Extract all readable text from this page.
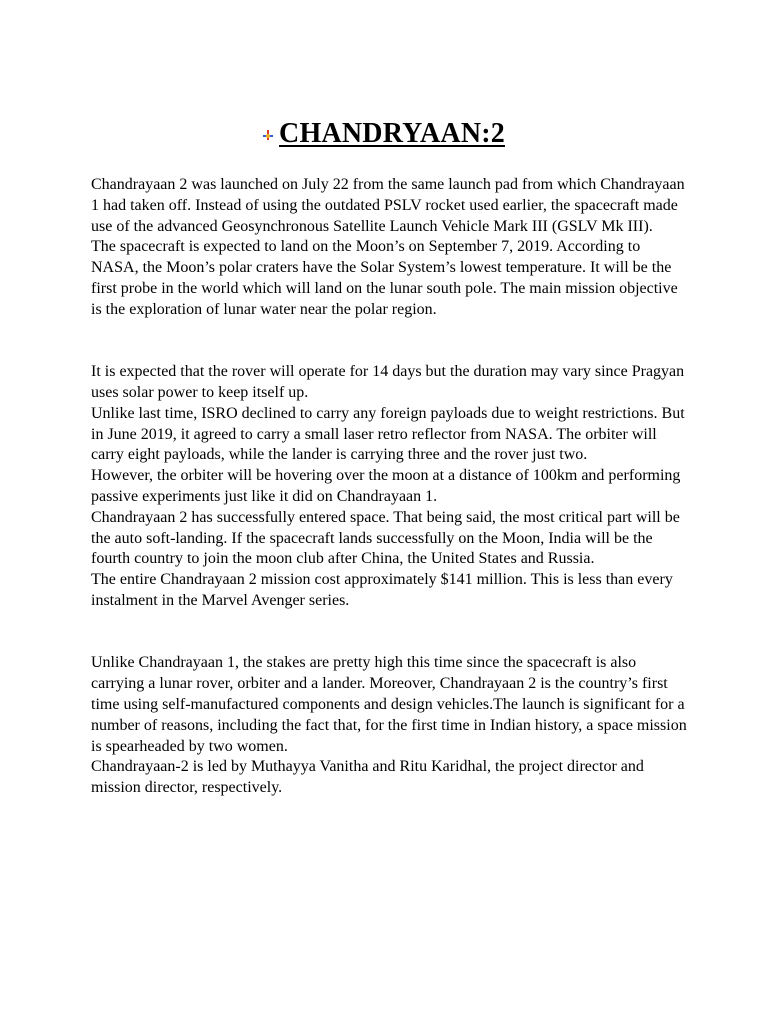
CHANDRYAAN:2

Chandrayaan 2 was launched on July 22 from the same launch pad from which Chandrayaan 1 had taken off. Instead of using the outdated PSLV rocket used earlier, the spacecraft made use of the advanced Geosynchronous Satellite Launch Vehicle Mark III (GSLV Mk III).

The spacecraft is expected to land on the Moon’s on September 7, 2019. According to NASA, the Moon’s polar craters have the Solar System’s lowest temperature. It will be the first probe in the world which will land on the lunar south pole. The main mission objective is the exploration of lunar water near the polar region.

It is expected that the rover will operate for 14 days but the duration may vary since Pragyan uses solar power to keep itself up.

Unlike last time, ISRO declined to carry any foreign payloads due to weight restrictions. But in June 2019, it agreed to carry a small laser retro reflector from NASA. The orbiter will carry eight payloads, while the lander is carrying three and the rover just two.

However, the orbiter will be hovering over the moon at a distance of 100km and performing passive experiments just like it did on Chandrayaan 1.

Chandrayaan 2 has successfully entered space. That being said, the most critical part will be the auto soft-landing. If the spacecraft lands successfully on the Moon, India will be the fourth country to join the moon club after China, the United States and Russia.

The entire Chandrayaan 2 mission cost approximately $141 million. This is less than every instalment in the Marvel Avenger series.

Unlike Chandrayaan 1, the stakes are pretty high this time since the spacecraft is also carrying a lunar rover, orbiter and a lander. Moreover, Chandrayaan 2 is the country’s first time using self-manufactured components and design vehicles.The launch is significant for a number of reasons, including the fact that, for the first time in Indian history, a space mission is spearheaded by two women.

Chandrayaan-2 is led by Muthayya Vanitha and Ritu Karidhal, the project director and mission director, respectively.
